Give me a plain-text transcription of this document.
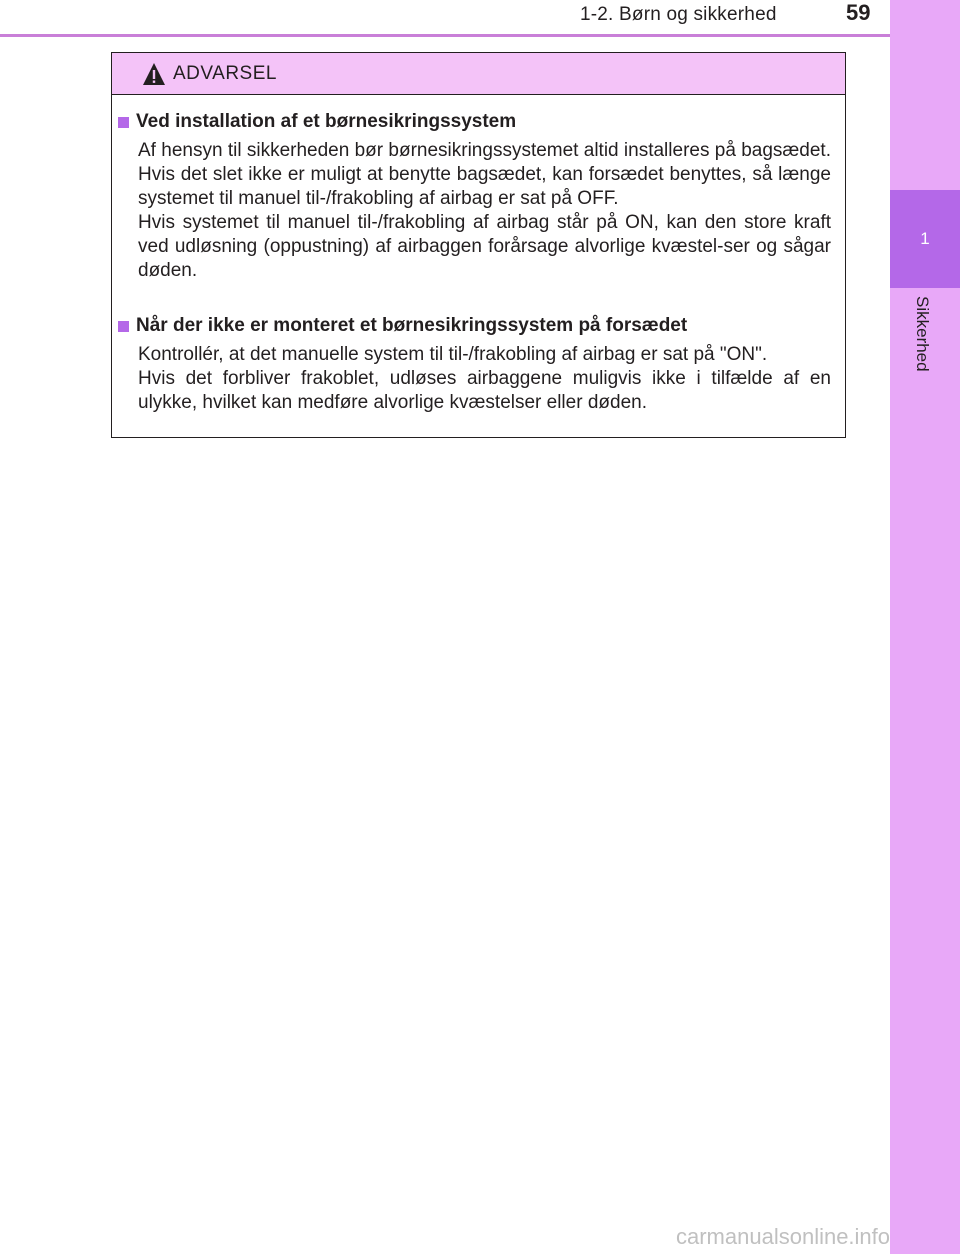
1-2. Børn og sikkerhed	59
1
Sikkerhed
ADVARSEL
Ved installation af et børnesikringssystem

Af hensyn til sikkerheden bør børnesikringssystemet altid installeres på bagsædet. Hvis det slet ikke er muligt at benytte bagsædet, kan forsædet benyttes, så længe systemet til manuel til-/frakobling af airbag er sat på OFF.

Hvis systemet til manuel til-/frakobling af airbag står på ON, kan den store kraft ved udløsning (oppustning) af airbaggen forårsage alvorlige kvæstel-ser og sågar døden.

Når der ikke er monteret et børnesikringssystem på forsædet

Kontrollér, at det manuelle system til til-/frakobling af airbag er sat på "ON".

Hvis det forbliver frakoblet, udløses airbaggene muligvis ikke i tilfælde af en ulykke, hvilket kan medføre alvorlige kvæstelser eller døden.

carmanualsonline.info
